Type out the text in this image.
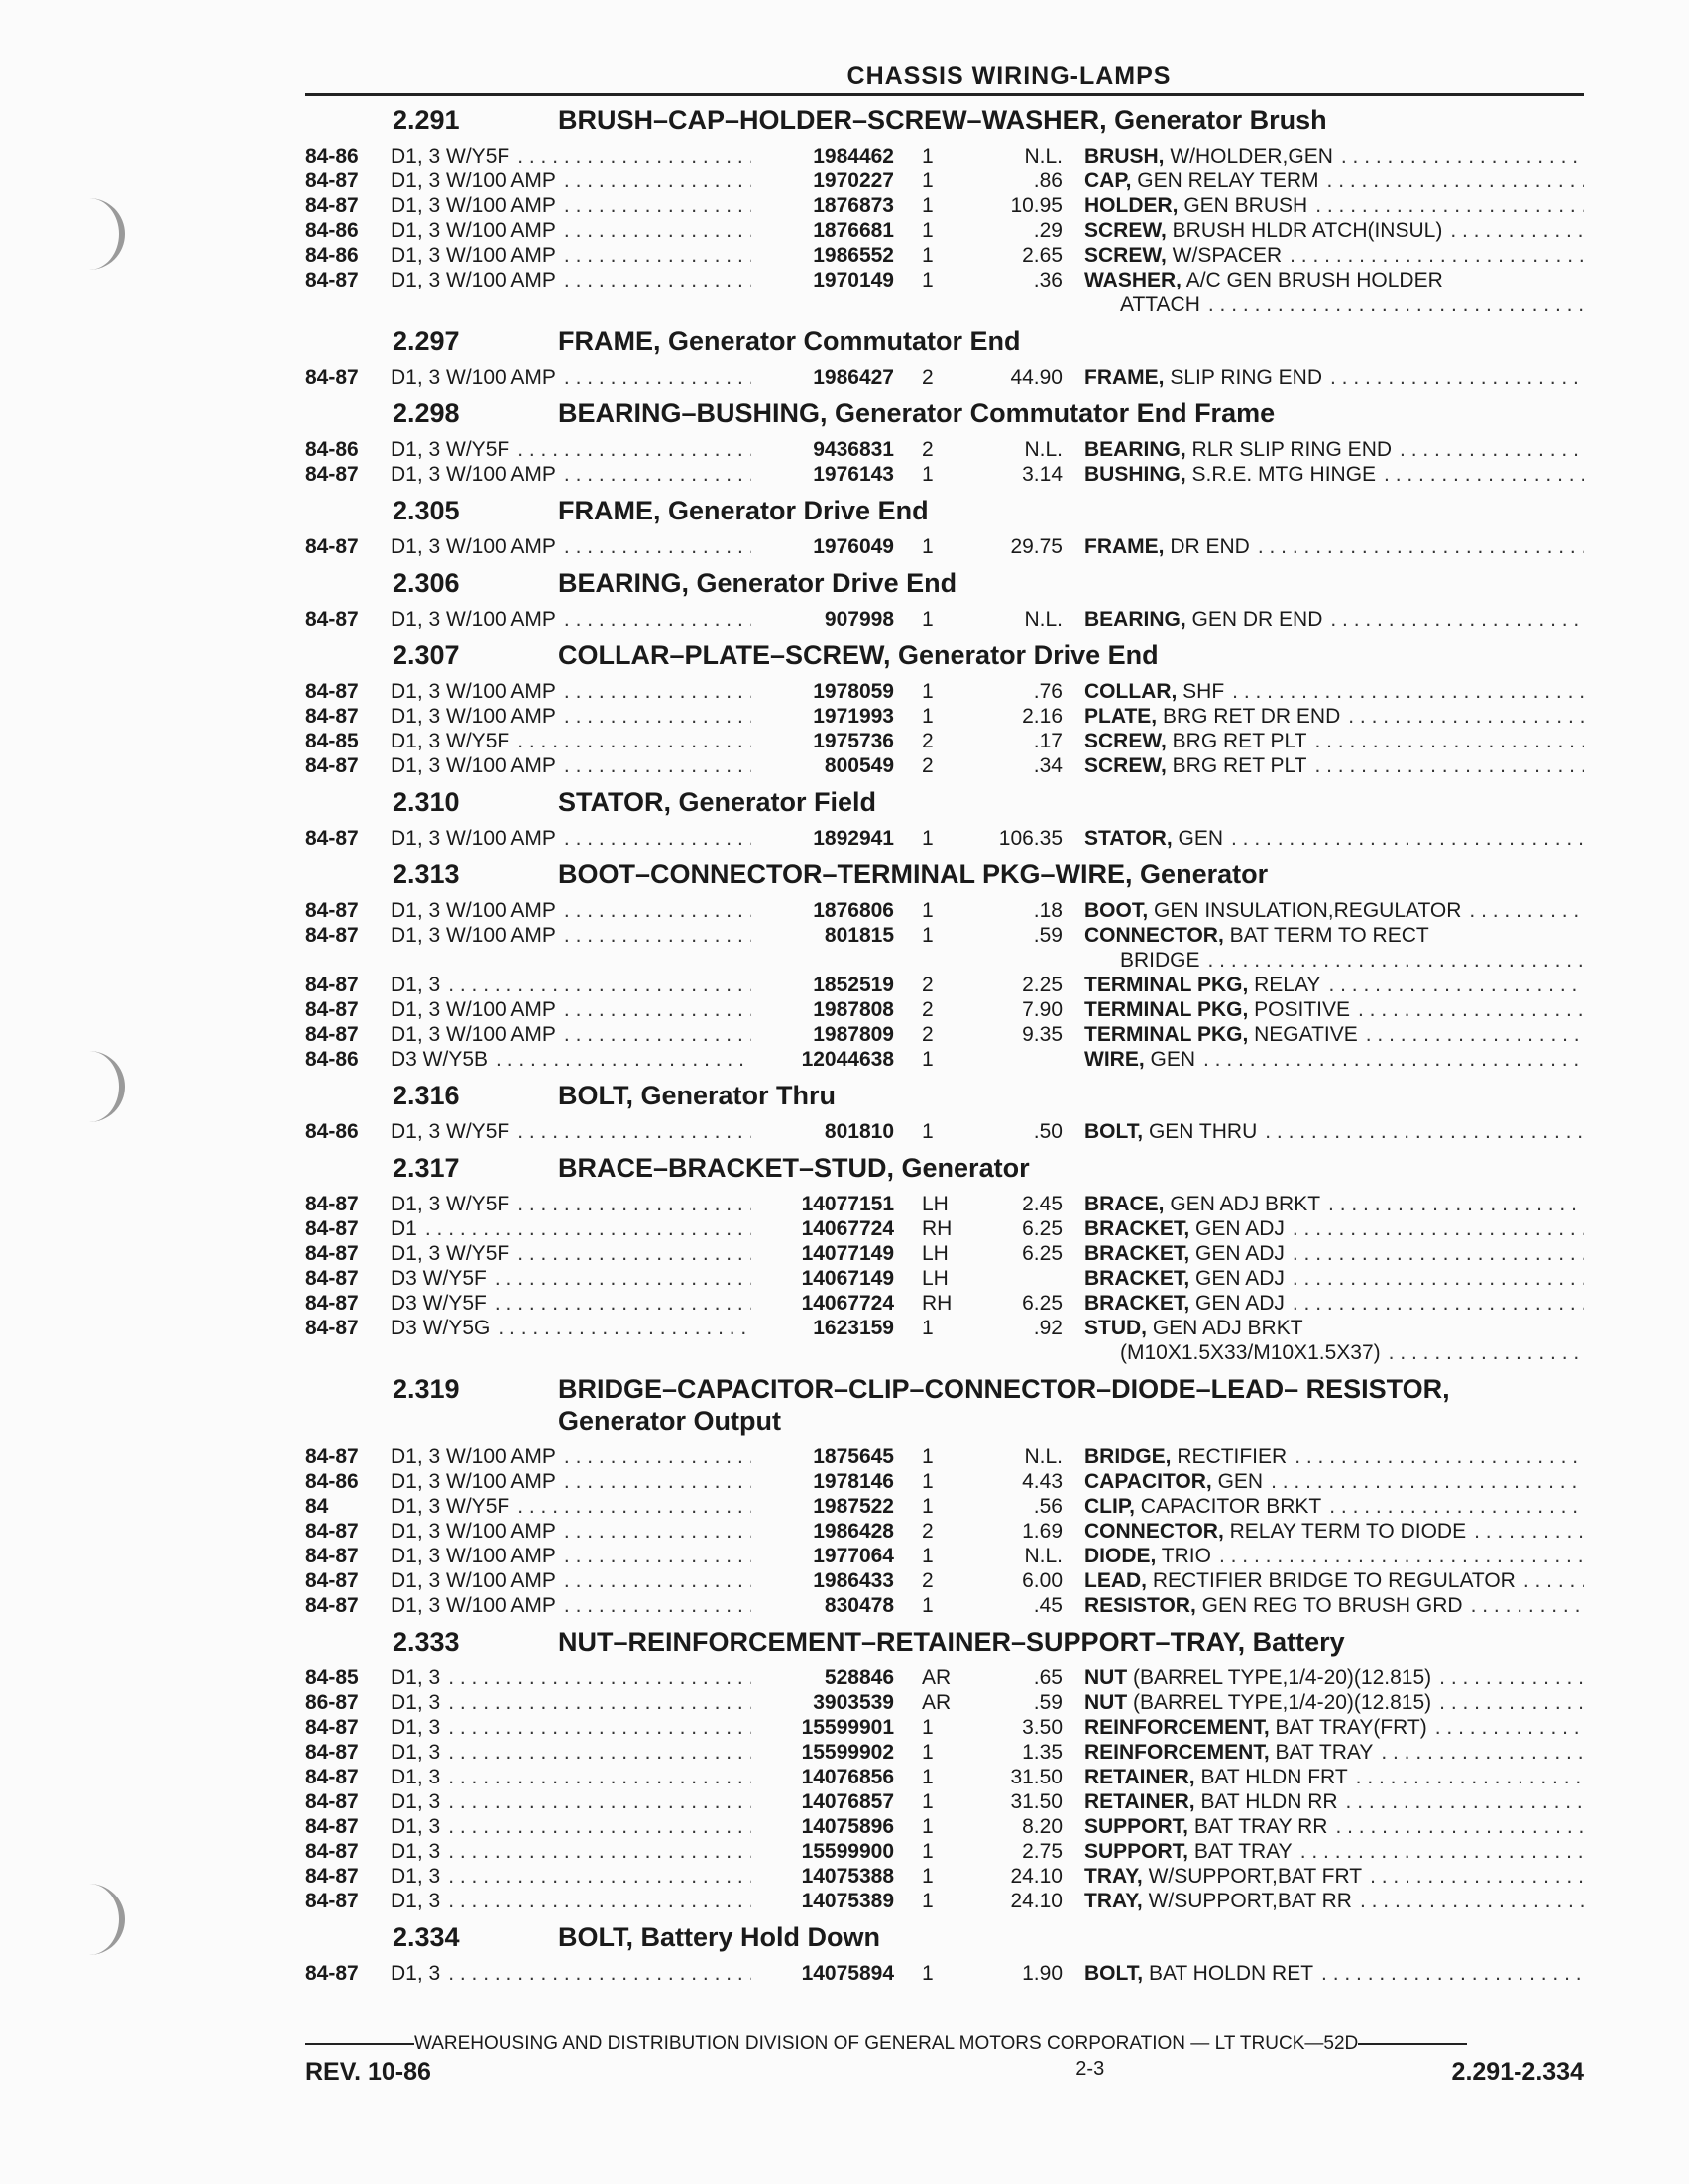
CHASSIS WIRING-LAMPS
2.291	BRUSH–CAP–HOLDER–SCREW–WASHER, Generator Brush
84-86	D1, 3 W/Y5F . . .	1984462	1	N.L. BRUSH, W/HOLDER,GEN
. . .
84-87	D1, 3 W/100 AMP . . .	1970227	1	.86 CAP, GEN RELAY TERM
. . .
84-87	D1, 3 W/100 AMP . . .	1876873	1	10.95 HOLDER, GEN BRUSH
. . .
84-86	D1, 3 W/100 AMP . . .	1876681	1	.29 SCREW, BRUSH HLDR ATCH(INSUL)
. . .
84-86	D1, 3 W/100 AMP . . .	1986552	1	2.65 SCREW, W/SPACER
. . .
84-87	D1, 3 W/100 AMP . . .	1970149	1	.36 WASHER, A/C GEN BRUSH HOLDER
ATTACH
. . .
2.297	FRAME, Generator Commutator End
84-87	D1, 3 W/100 AMP . . .	1986427	2	44.90 FRAME, SLIP RING END
. . .
2.298	BEARING–BUSHING, Generator Commutator End Frame
84-86	D1, 3 W/Y5F . . .	9436831	2	N.L. BEARING, RLR SLIP RING END
. . .
84-87	D1, 3 W/100 AMP . . .	1976143	1	3.14 BUSHING, S.R.E. MTG HINGE
. . .
2.305	FRAME, Generator Drive End
84-87	D1, 3 W/100 AMP . . .	1976049	1	29.75 FRAME, DR END
. . .
2.306	BEARING, Generator Drive End
84-87	D1, 3 W/100 AMP . . .	907998	1	N.L. BEARING, GEN DR END
. . .
2.307	COLLAR–PLATE–SCREW, Generator Drive End
84-87	D1, 3 W/100 AMP . . .	1978059	1	.76 COLLAR, SHF
. . .
84-87	D1, 3 W/100 AMP . . .	1971993	1	2.16 PLATE, BRG RET DR END
. . .
84-85	D1, 3 W/Y5F . . .	1975736	2	.17 SCREW, BRG RET PLT
. . .
84-87	D1, 3 W/100 AMP . . .	800549	2	.34 SCREW, BRG RET PLT
. . .
2.310	STATOR, Generator Field
84-87	D1, 3 W/100 AMP . . .	1892941	1	106.35 STATOR, GEN
. . .
2.313	BOOT–CONNECTOR–TERMINAL PKG–WIRE, Generator
84-87	D1, 3 W/100 AMP . . .	1876806	1	.18 BOOT, GEN INSULATION,REGULATOR
. . .
84-87	D1, 3 W/100 AMP . . .	801815	1	.59 CONNECTOR, BAT TERM TO RECT
BRIDGE
. . .
84-87	D1, 3 . . .	1852519	2	2.25 TERMINAL PKG, RELAY
. . .
84-87	D1, 3 W/100 AMP . . .	1987808	2	7.90 TERMINAL PKG, POSITIVE
. . .
84-87	D1, 3 W/100 AMP . . .	1987809	2	9.35 TERMINAL PKG, NEGATIVE
. . .
84-86	D3 W/Y5B . . .	12044638	1	WIRE, GEN
. . .
2.316	BOLT, Generator Thru
84-86	D1, 3 W/Y5F . . .	801810	1	.50 BOLT, GEN THRU
. . .
2.317	BRACE–BRACKET–STUD, Generator
84-87	D1, 3 W/Y5F . . .	14077151	LH	2.45 BRACE, GEN ADJ BRKT
. . .
84-87	D1 . . .	14067724	RH	6.25 BRACKET, GEN ADJ
. . .
84-87	D1, 3 W/Y5F . . .	14077149	LH	6.25 BRACKET, GEN ADJ
. . .
84-87	D3 W/Y5F . . .	14067149	LH	BRACKET, GEN ADJ
. . .
84-87	D3 W/Y5F . . .	14067724	RH	6.25 BRACKET, GEN ADJ
. . .
84-87	D3 W/Y5G . . .	1623159	1	.92 STUD, GEN ADJ BRKT
(M10X1.5X33/M10X1.5X37)
. . .
2.319	BRIDGE–CAPACITOR–CLIP–CONNECTOR–DIODE–LEAD– RESISTOR,
Generator Output
84-87	D1, 3 W/100 AMP . . .	1875645	1	N.L. BRIDGE, RECTIFIER
. . .
84-86	D1, 3 W/100 AMP . . .	1978146	1	4.43 CAPACITOR, GEN
. . .
84	D1, 3 W/Y5F . . .	1987522	1	.56 CLIP, CAPACITOR BRKT
. . .
84-87	D1, 3 W/100 AMP . . .	1986428	2	1.69 CONNECTOR, RELAY TERM TO DIODE
. . .
84-87	D1, 3 W/100 AMP . . .	1977064	1	N.L. DIODE, TRIO
. . .
84-87	D1, 3 W/100 AMP . . .	1986433	2	6.00 LEAD, RECTIFIER BRIDGE TO REGULATOR
. . .
84-87	D1, 3 W/100 AMP . . .	830478	1	.45 RESISTOR, GEN REG TO BRUSH GRD
. . .
2.333	NUT–REINFORCEMENT–RETAINER–SUPPORT–TRAY, Battery
84-85	D1, 3 . . .	528846	AR	.65 NUT (BARREL TYPE,1/4-20)(12.815)
. . .
86-87	D1, 3 . . .	3903539	AR	.59 NUT (BARREL TYPE,1/4-20)(12.815)
. . .
84-87	D1, 3 . . .	15599901	1	3.50 REINFORCEMENT, BAT TRAY(FRT)
. . .
84-87	D1, 3 . . .	15599902	1	1.35 REINFORCEMENT, BAT TRAY
. . .
84-87	D1, 3 . . .	14076856	1	31.50 RETAINER, BAT HLDN FRT
. . .
84-87	D1, 3 . . .	14076857	1	31.50 RETAINER, BAT HLDN RR
. . .
84-87	D1, 3 . . .	14075896	1	8.20 SUPPORT, BAT TRAY RR
. . .
84-87	D1, 3 . . .	15599900	1	2.75 SUPPORT, BAT TRAY
. . .
84-87	D1, 3 . . .	14075388	1	24.10 TRAY, W/SUPPORT,BAT FRT
. . .
84-87	D1, 3 . . .	14075389	1	24.10 TRAY, W/SUPPORT,BAT RR
. . .
2.334	BOLT, Battery Hold Down
84-87	D1, 3 . . .	14075894	1	1.90 BOLT, BAT HOLDN RET
. . .
WAREHOUSING AND DISTRIBUTION DIVISION OF GENERAL MOTORS CORPORATION — LT TRUCK—52D
REV. 10-86	2-3	2.291-2.334
